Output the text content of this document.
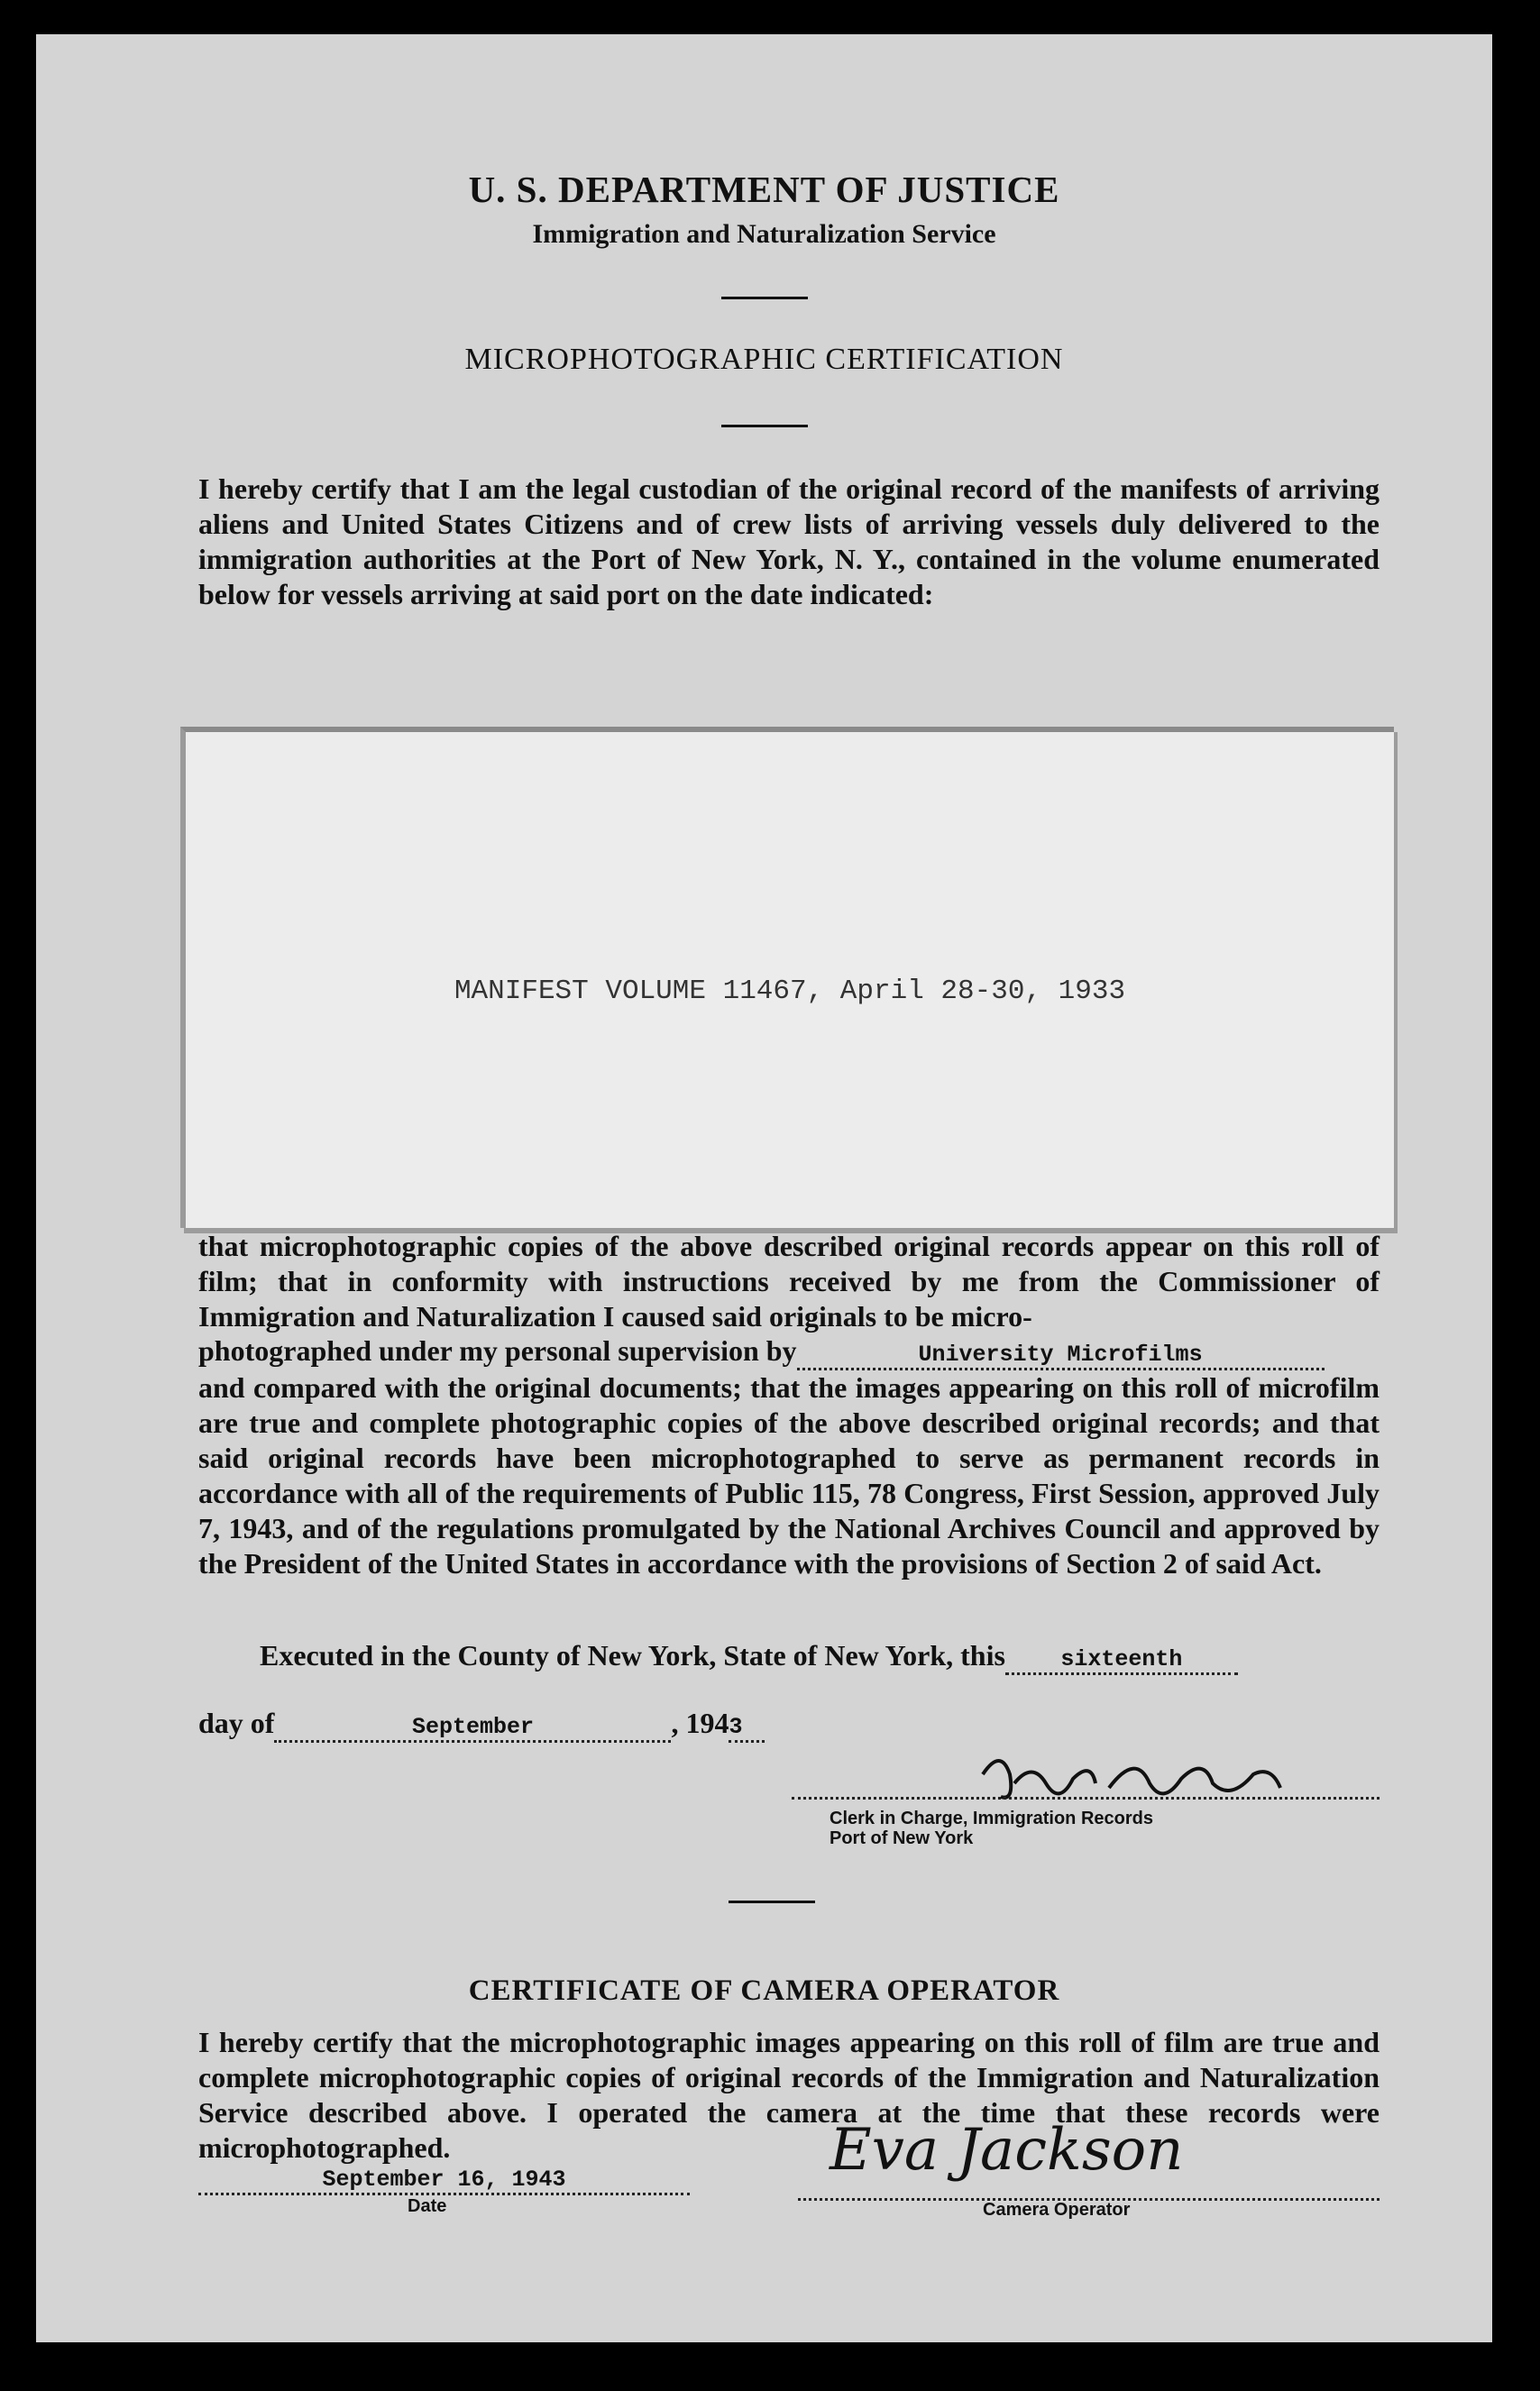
U. S. DEPARTMENT OF JUSTICE
Immigration and Naturalization Service
MICROPHOTOGRAPHIC CERTIFICATION
I hereby certify that I am the legal custodian of the original record of the manifests of arriving aliens and United States Citizens and of crew lists of arriving vessels duly delivered to the immigration authorities at the Port of New York, N. Y., contained in the volume enumerated below for vessels arriving at said port on the date indicated:
MANIFEST VOLUME 11467, April 28-30, 1933
that microphotographic copies of the above described original records appear on this roll of film; that in conformity with instructions received by me from the Commissioner of Immigration and Naturalization I caused said originals to be micro-
photographed under my personal supervision by	University Microfilms
and compared with the original documents; that the images appearing on this roll of microfilm are true and complete photographic copies of the above described original records; and that said original records have been microphotographed to serve as permanent records in accordance with all of the requirements of Public 115, 78 Congress, First Session, approved July 7, 1943, and of the regulations promulgated by the National Archives Council and approved by the President of the United States in accordance with the provisions of Section 2 of said Act.
Executed in the County of New York, State of New York, this sixteenth
day of	September	, 1943
Clerk in Charge, Immigration Records
Port of New York
CERTIFICATE OF CAMERA OPERATOR
I hereby certify that the microphotographic images appearing on this roll of film are true and complete microphotographic copies of original records of the Immigration and Naturalization Service described above. I operated the camera at the time that these records were microphotographed.
September 16, 1943
Date
Eva Jackson
Camera Operator
